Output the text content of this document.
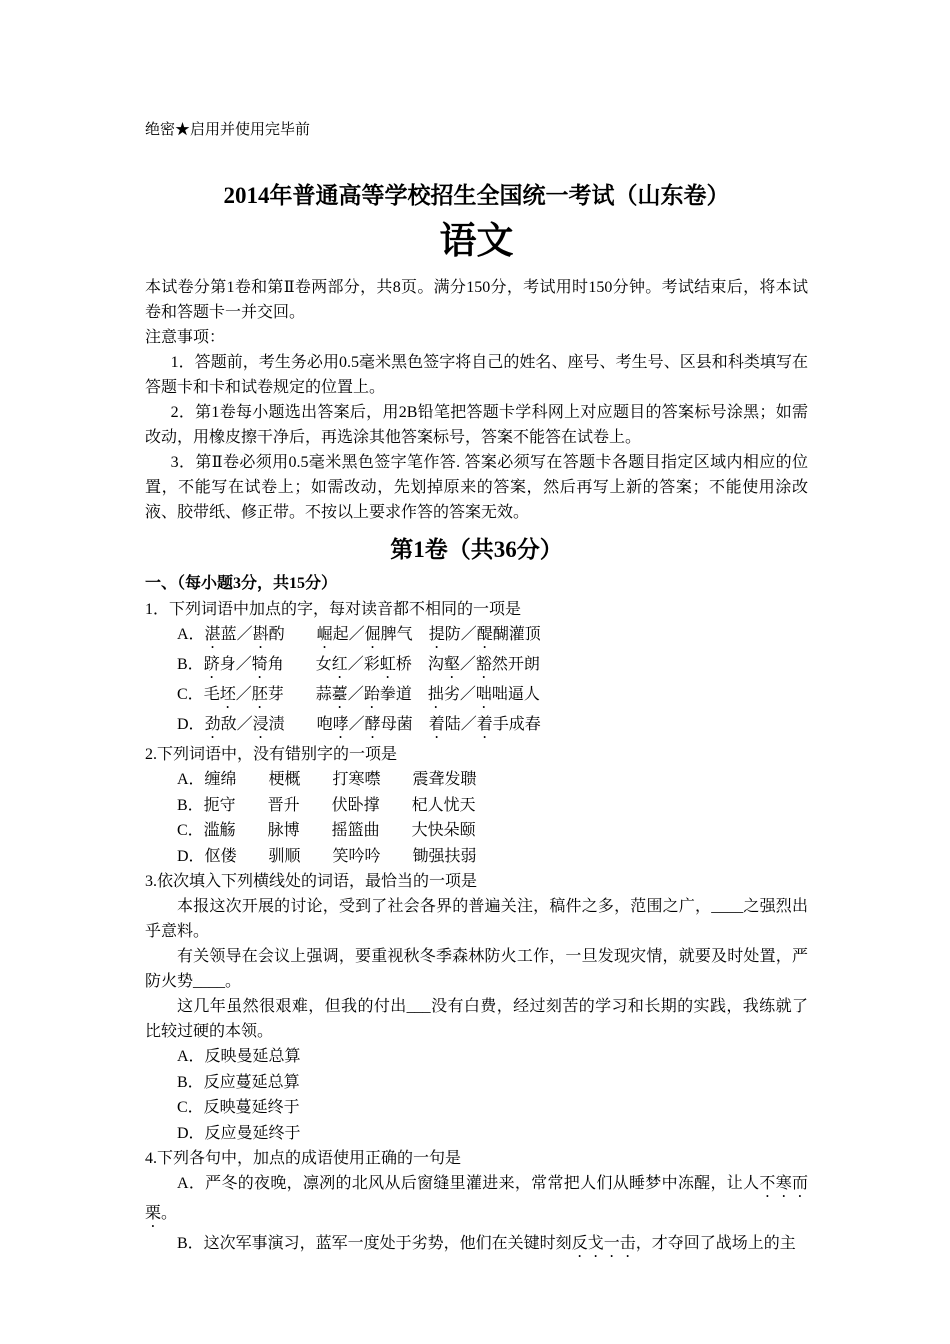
绝密★启用并使用完毕前
2014年普通高等学校招生全国统一考试（山东卷）
语文

本试卷分第1卷和第Ⅱ卷两部分，共8页。满分150分，考试用时150分钟。考试结束后，将本试卷和答题卡一并交回。

注意事项：

1．答题前，考生务必用0.5毫米黑色签字将自己的姓名、座号、考生号、区县和科类填写在答题卡和卡和试卷规定的位置上。

2．第1卷每小题选出答案后，用2B铅笔把答题卡学科网上对应题目的答案标号涂黑；如需改动，用橡皮擦干净后，再选涂其他答案标号，答案不能答在试卷上。

3．第Ⅱ卷必须用0.5毫米黑色签字笔作答. 答案必须写在答题卡各题目指定区域内相应的位置，不能写在试卷上；如需改动，先划掉原来的答案，然后再写上新的答案；不能使用涂改液、胶带纸、修正带。不按以上要求作答的答案无效。

第1卷（共36分）

一、（每小题3分，共15分）

1．下列词语中加点的字，每对读音都不相同的一项是

A．湛蓝／斟酌　　崛起／倔脾气　提防／醍醐灌顶

B．跻身／犄角　　女红／彩虹桥　沟壑／豁然开朗

C．毛坯／胚芽　　蒜薹／跆拳道　拙劣／咄咄逼人

D．劲敌／浸渍　　咆哮／酵母菌　着陆／着手成春

2.下列词语中，没有错别字的一项是

A．缠绵　　梗概　　打寒噤　　震聋发聩

B．扼守　　晋升　　伏卧撑　　杞人忧天

C．滥觞　　脉博　　摇篮曲　　大快朵颐

D．伛偻　　驯顺　　笑吟吟　　锄强扶弱

3.依次填入下列横线处的词语，最恰当的一项是

本报这次开展的讨论，受到了社会各界的普遍关注，稿件之多，范围之广，____之强烈出乎意料。

有关领导在会议上强调，要重视秋冬季森林防火工作，一旦发现灾情，就要及时处置，严防火势____。

这几年虽然很艰难，但我的付出___没有白费，经过刻苦的学习和长期的实践，我练就了比较过硬的本领。

A．反映曼延总算

B．反应蔓延总算

C．反映蔓延终于

D．反应曼延终于

4.下列各句中，加点的成语使用正确的一句是

A．严冬的夜晚，凛冽的北风从后窗缝里灌进来，常常把人们从睡梦中冻醒，让人不寒而栗。

B．这次军事演习，蓝军一度处于劣势，他们在关键时刻反戈一击，才夺回了战场上的主
